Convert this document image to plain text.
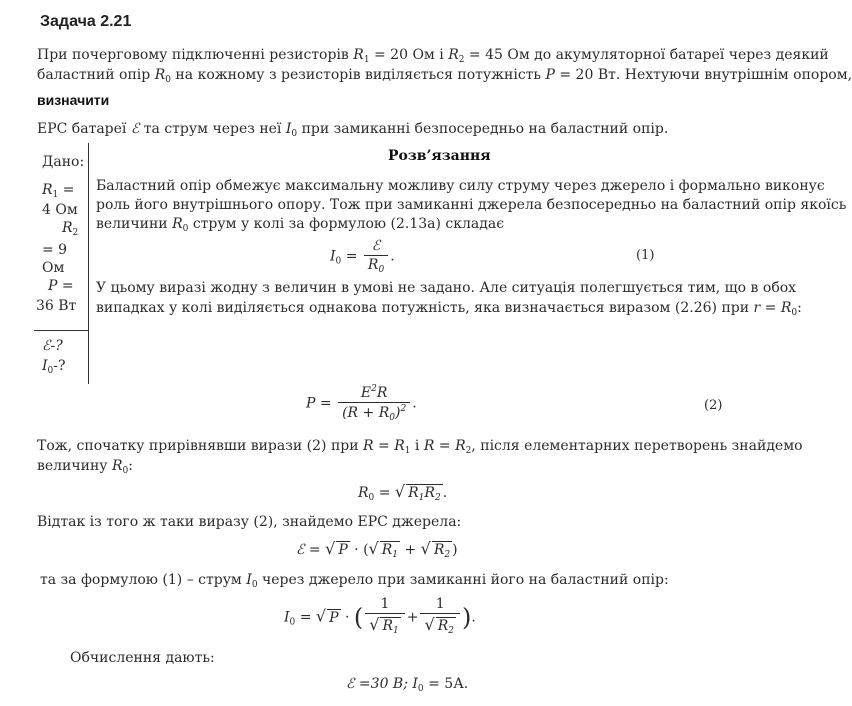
Задача 2.21
При почерговому підключенні резисторів $R_1 = 20$ Ом і $R_2 = 45$ Ом до акумуляторної батареї через деякий
баластний опір $R_0$ на кожному з резисторів виділяється потужність P = 20 Вт. Нехтуючи внутрішнім опором,
визначити
ЕРС батареї ℰ та струм через неї $I_0$ при замиканні безпосередньо на баластний опір.
Дано:
$R_1$ =
4 Ом
$R_2$
= 9
Ом
P =
36 Вт
ℰ-?
$I_0-$?
Розв’язання
Баластний опір обмежує максимальну можливу силу струму через джерело і формально виконує
роль його внутрішнього опору. Тож при замиканні джерела безпосередньо на баластний опір якоїсь
величини $R_0$ струм у колі за формулою (2.13а) складає
$I_0 = \frac{\text{ℰ}}{R_0}$ .	(1)
У цьому виразі жодну з величин в умові не задано. Але ситуація полегшується тим, що в обох
випадках у колі виділяється однакова потужність, яка визначається виразом (2.26) при $r = R_0$:
$P = \frac{E^2R}{(R + R_0)^2}$ .	(2)
Тож, спочатку прирівнявши вирази (2) при $R = R_1$ і $R = R_2$, після елементарних перетворень знайдемо
величину $R_0$:
$R_0$ = √ $R_1R_2$ .
Відтак із того ж таки виразу (2), знайдемо ЕРС джерела:
ℰ = √ P · (√ $R_1$ + √ $R_2$ )
та за формулою (1) – струм $I_0$ через джерело при замиканні його на баластний опір:
$I_0$ = √ P · ( $\frac{1}{√ R_1} + \frac{1}{√ R_2}$ ).
Обчислення дають:
ℰ =30 В; $I_0 = 5А$.
